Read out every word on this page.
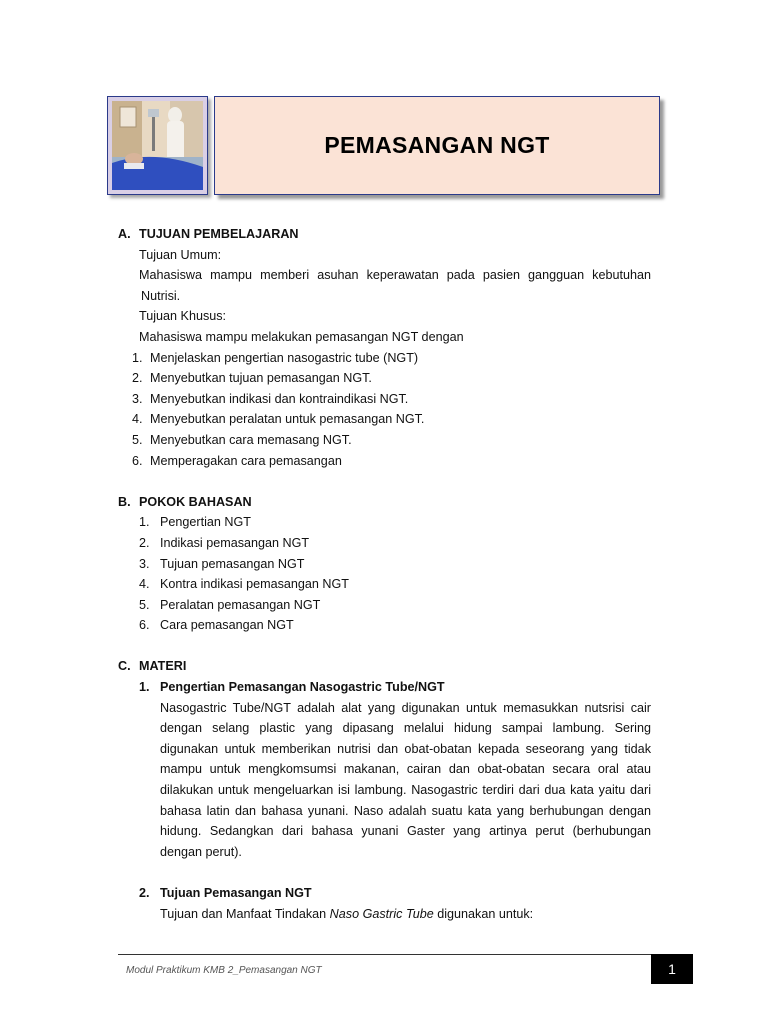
PEMASANGAN NGT
A. TUJUAN PEMBELAJARAN
Tujuan Umum:
Mahasiswa mampu memberi asuhan keperawatan pada pasien gangguan kebutuhan
Nutrisi.
Tujuan Khusus:
Mahasiswa mampu melakukan pemasangan NGT dengan
1. Menjelaskan pengertian nasogastric tube (NGT)
2. Menyebutkan tujuan pemasangan NGT.
3. Menyebutkan indikasi dan kontraindikasi NGT.
4. Menyebutkan peralatan untuk pemasangan NGT.
5. Menyebutkan cara memasang NGT.
6. Memperagakan cara pemasangan
B. POKOK BAHASAN
1. Pengertian NGT
2. Indikasi pemasangan NGT
3. Tujuan pemasangan NGT
4. Kontra indikasi pemasangan NGT
5. Peralatan pemasangan NGT
6. Cara pemasangan NGT
C. MATERI
1. Pengertian Pemasangan Nasogastric Tube/NGT
Nasogastric Tube/NGT adalah alat yang digunakan untuk memasukkan nutsrisi cair dengan selang plastic yang dipasang melalui hidung sampai lambung. Sering digunakan untuk memberikan nutrisi dan obat-obatan kepada seseorang yang tidak mampu untuk mengkomsumsi makanan, cairan dan obat-obatan secara oral atau dilakukan untuk mengeluarkan isi lambung. Nasogastric terdiri dari dua kata yaitu dari bahasa latin dan bahasa yunani. Naso adalah suatu kata yang berhubungan dengan hidung. Sedangkan dari bahasa yunani Gaster yang artinya perut (berhubungan dengan perut).
2. Tujuan Pemasangan NGT
Tujuan dan Manfaat Tindakan Naso Gastric Tube digunakan untuk:
Modul Praktikum KMB 2_Pemasangan NGT	1
